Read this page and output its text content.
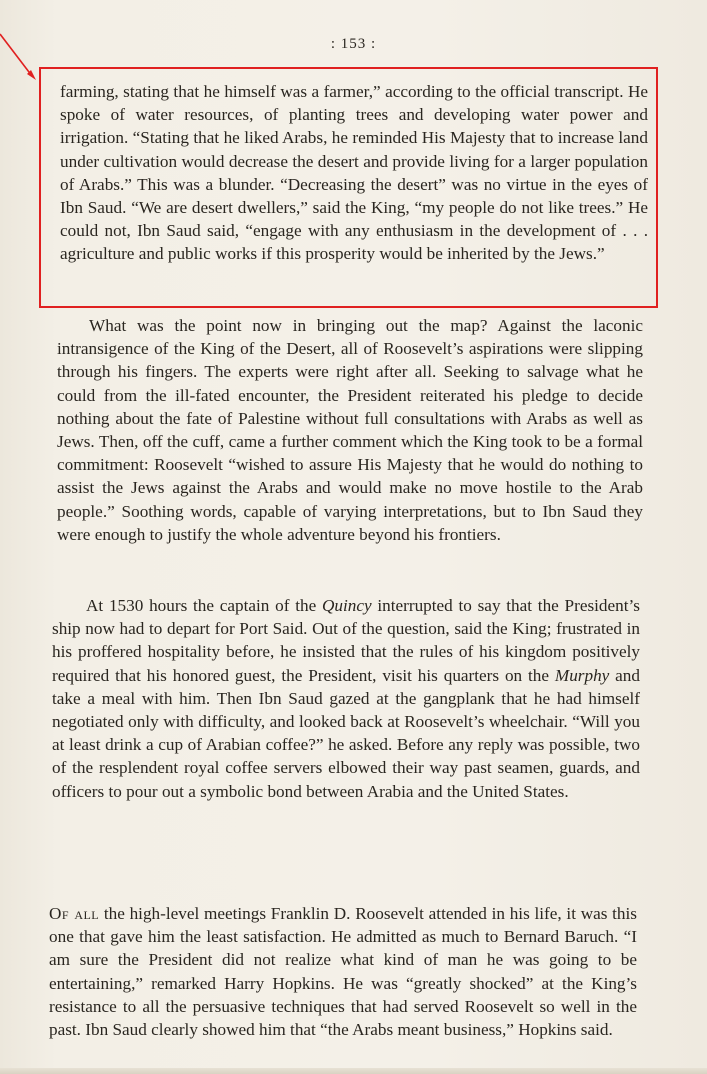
: 153 :

farming, stating that he himself was a farmer,” according to the official transcript. He spoke of water resources, of planting trees and developing water power and irrigation. “Stating that he liked Arabs, he reminded His Majesty that to increase land under cultivation would decrease the desert and provide living for a larger population of Arabs.” This was a blunder. “Decreasing the desert” was no virtue in the eyes of Ibn Saud. “We are desert dwellers,” said the King, “my people do not like trees.” He could not, Ibn Saud said, “engage with any enthusiasm in the development of . . . agriculture and public works if this prosperity would be inherited by the Jews.”

What was the point now in bringing out the map? Against the laconic intransigence of the King of the Desert, all of Roosevelt’s aspirations were slipping through his fingers. The experts were right after all. Seeking to salvage what he could from the ill-fated encounter, the President reiterated his pledge to decide nothing about the fate of Palestine without full consultations with Arabs as well as Jews. Then, off the cuff, came a further comment which the King took to be a formal commitment: Roosevelt “wished to assure His Majesty that he would do nothing to assist the Jews against the Arabs and would make no move hostile to the Arab people.” Soothing words, capable of varying interpretations, but to Ibn Saud they were enough to justify the whole adventure beyond his frontiers.

At 1530 hours the captain of the Quincy interrupted to say that the President’s ship now had to depart for Port Said. Out of the question, said the King; frustrated in his proffered hospitality before, he insisted that the rules of his kingdom positively required that his honored guest, the President, visit his quarters on the Murphy and take a meal with him. Then Ibn Saud gazed at the gangplank that he had himself negotiated only with difficulty, and looked back at Roosevelt’s wheelchair. “Will you at least drink a cup of Arabian coffee?” he asked. Before any reply was possible, two of the resplendent royal coffee servers elbowed their way past seamen, guards, and officers to pour out a symbolic bond between Arabia and the United States.

Of all the high-level meetings Franklin D. Roosevelt attended in his life, it was this one that gave him the least satisfaction. He admitted as much to Bernard Baruch. “I am sure the President did not realize what kind of man he was going to be entertaining,” remarked Harry Hopkins. He was “greatly shocked” at the King’s resistance to all the persuasive techniques that had served Roosevelt so well in the past. Ibn Saud clearly showed him that “the Arabs meant business,” Hopkins said.
